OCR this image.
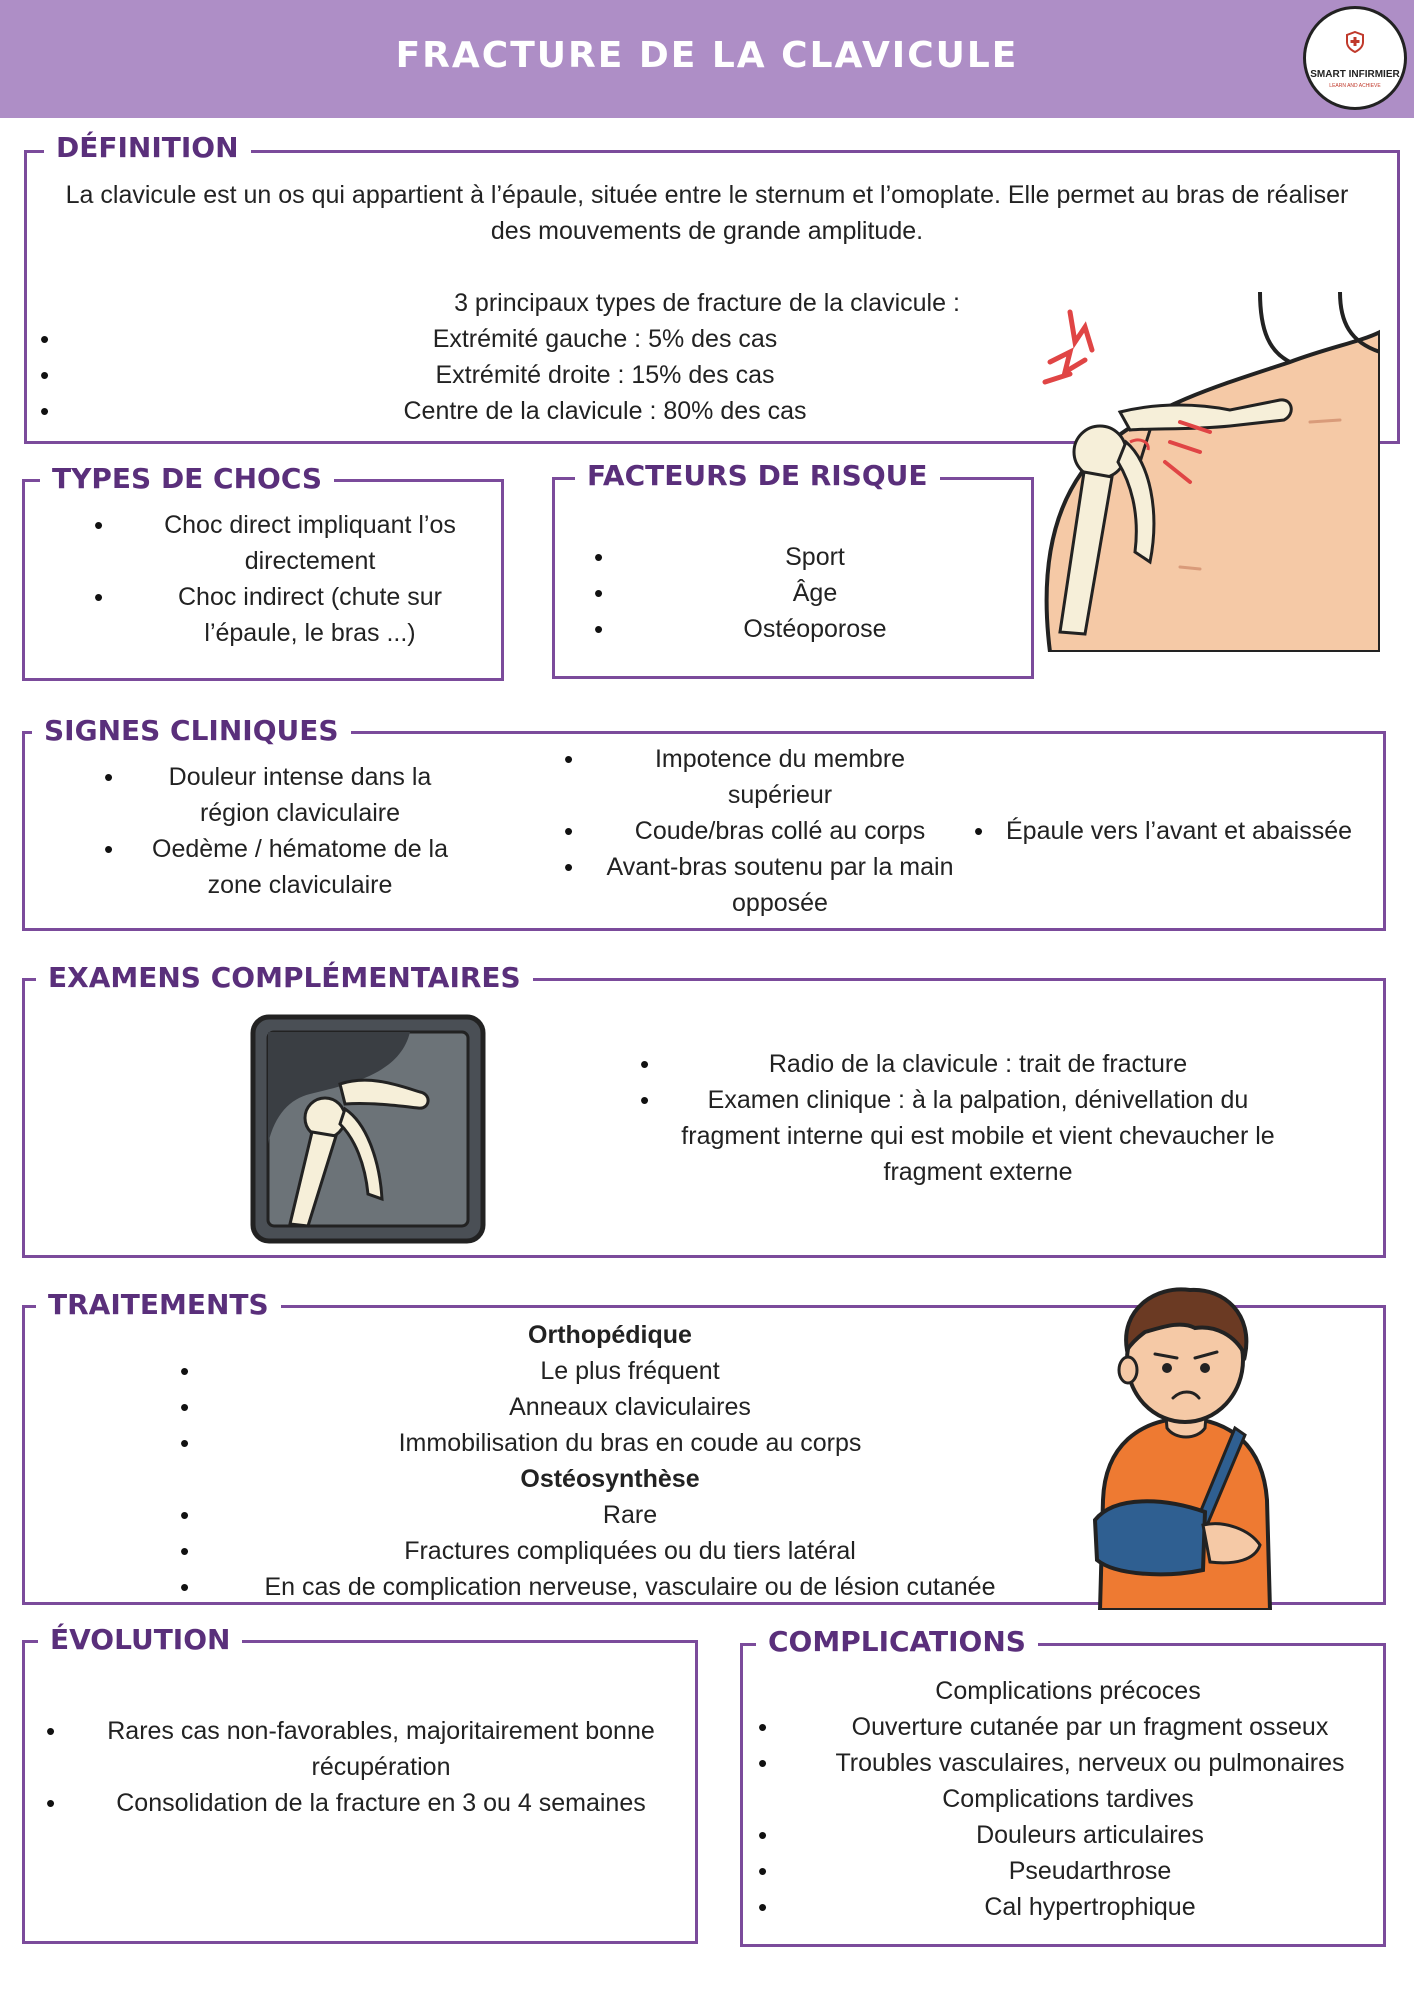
FRACTURE DE LA CLAVICULE	SMART INFIRMIER
LEARN AND ACHIEVE
DÉFINITION
La clavicule est un os qui appartient à l’épaule, située entre le sternum et l’omoplate. Elle permet au bras de réaliser des mouvements de grande amplitude.
3 principaux types de fracture de la clavicule :
• Extrémité gauche : 5% des cas
• Extrémité droite : 15% des cas
• Centre de la clavicule : 80% des cas
TYPES DE CHOCS
• Choc direct impliquant l’os directement
• Choc indirect (chute sur l’épaule, le bras ...)
FACTEURS DE RISQUE
• Sport
• Âge
• Ostéoporose
SIGNES CLINIQUES
• Douleur intense dans la région claviculaire
• Oedème / hématome de la zone claviculaire
• Impotence du membre supérieur
• Coude/bras collé au corps
• Avant-bras soutenu par la main opposée
• Épaule vers l’avant et abaissée
EXAMENS COMPLÉMENTAIRES
• Radio de la clavicule : trait de fracture
• Examen clinique : à la palpation, dénivellation du fragment interne qui est mobile et vient chevaucher le fragment externe
TRAITEMENTS
Orthopédique
• Le plus fréquent
• Anneaux claviculaires
• Immobilisation du bras en coude au corps
Ostéosynthèse
• Rare
• Fractures compliquées ou du tiers latéral
• En cas de complication nerveuse, vasculaire ou de lésion cutanée
ÉVOLUTION
• Rares cas non-favorables, majoritairement bonne récupération
• Consolidation de la fracture en 3 ou 4 semaines
COMPLICATIONS
Complications précoces
• Ouverture cutanée par un fragment osseux
• Troubles vasculaires, nerveux ou pulmonaires
Complications tardives
• Douleurs articulaires
• Pseudarthrose
• Cal hypertrophique
